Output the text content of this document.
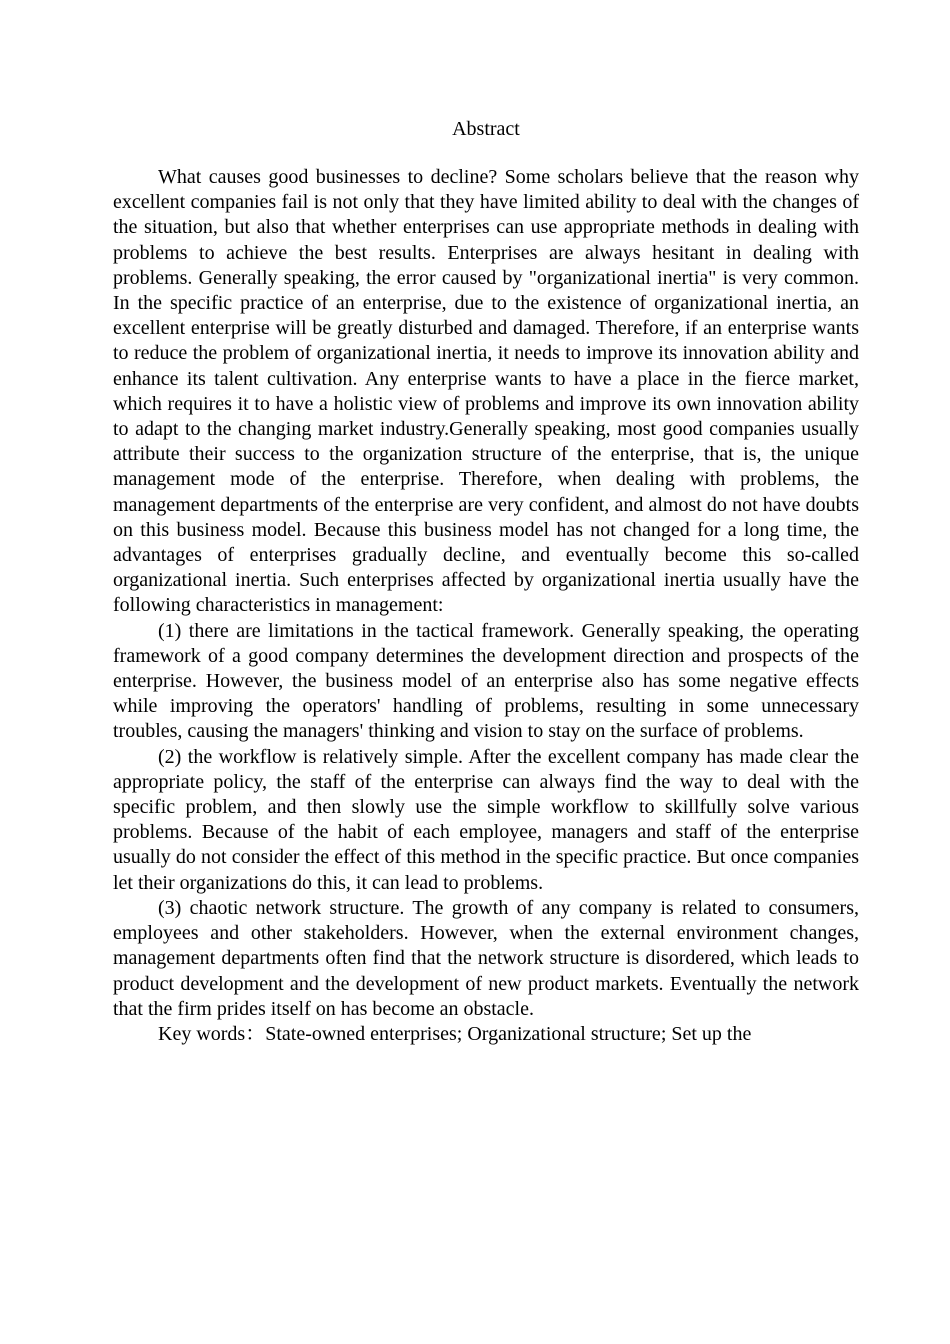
Abstract

What causes good businesses to decline? Some scholars believe that the reason why excellent companies fail is not only that they have limited ability to deal with the changes of the situation, but also that whether enterprises can use appropriate methods in dealing with problems to achieve the best results. Enterprises are always hesitant in dealing with problems. Generally speaking, the error caused by "organizational inertia" is very common. In the specific practice of an enterprise, due to the existence of organizational inertia, an excellent enterprise will be greatly disturbed and damaged. Therefore, if an enterprise wants to reduce the problem of organizational inertia, it needs to improve its innovation ability and enhance its talent cultivation. Any enterprise wants to have a place in the fierce market, which requires it to have a holistic view of problems and improve its own innovation ability to adapt to the changing market industry.Generally speaking, most good companies usually attribute their success to the organization structure of the enterprise, that is, the unique management mode of the enterprise. Therefore, when dealing with problems, the management departments of the enterprise are very confident, and almost do not have doubts on this business model. Because this business model has not changed for a long time, the advantages of enterprises gradually decline, and eventually become this so-called organizational inertia. Such enterprises affected by organizational inertia usually have the following characteristics in management:

(1) there are limitations in the tactical framework. Generally speaking, the operating framework of a good company determines the development direction and prospects of the enterprise. However, the business model of an enterprise also has some negative effects while improving the operators' handling of problems, resulting in some unnecessary troubles, causing the managers' thinking and vision to stay on the surface of problems.

(2) the workflow is relatively simple. After the excellent company has made clear the appropriate policy, the staff of the enterprise can always find the way to deal with the specific problem, and then slowly use the simple workflow to skillfully solve various problems. Because of the habit of each employee, managers and staff of the enterprise usually do not consider the effect of this method in the specific practice. But once companies let their organizations do this, it can lead to problems.

(3) chaotic network structure. The growth of any company is related to consumers, employees and other stakeholders. However, when the external environment changes, management departments often find that the network structure is disordered, which leads to product development and the development of new product markets. Eventually the network that the firm prides itself on has become an obstacle.

Key words：State-owned enterprises; Organizational structure; Set up the
